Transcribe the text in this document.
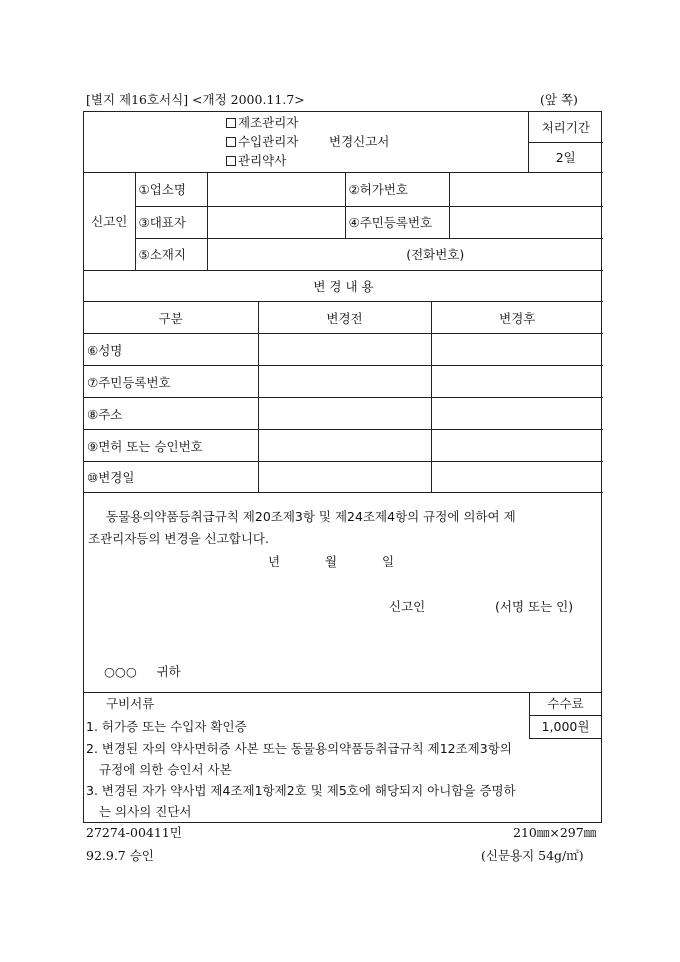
[별지 제16호서식] <개정 2000.11.7>	(앞 쪽)
제조관리자
수입관리자
관리약사
변경신고서
	처리기간
2일
신고인	①업소명		②허가번호	
	③대표자		④주민등록번호	
	⑤소재지	(전화번호)		
변 경 내 용		
구분	변경전	변경후
⑥성명		
⑦주민등록번호		
⑧주소		
⑨면허 또는 승인번호		
⑩변경일		
동물용의약품등취급규칙 제20조제3항 및 제24조제4항의 규정에 의하여 제
조관리자등의 변경을 신고합니다.
년	월	일
신고인	(서명 또는 인)
○○○ 귀하
구비서류	수수료
1,000원
1. 허가증 또는 수입자 확인증
2. 변경된 자의 약사면허증 사본 또는 동물용의약품등취급규칙 제12조제3항의
규정에 의한 승인서 사본
3. 변경된 자가 약사법 제4조제1항제2호 및 제5호에 해당되지 아니함을 증명하
는 의사의 진단서
27274-00411민	210㎜×297㎜
92.9.7 승인	(신문용지 54g/㎡)
